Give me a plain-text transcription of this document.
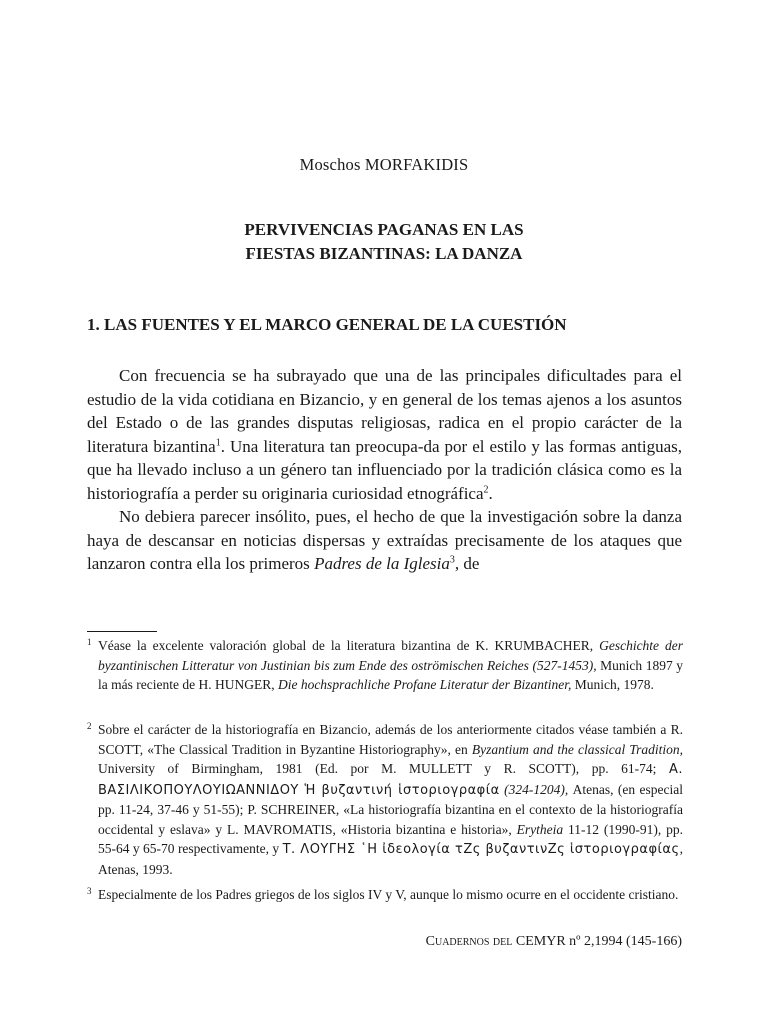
Moschos MORFAKIDIS
PERVIVENCIAS PAGANAS EN LAS
FIESTAS BIZANTINAS: LA DANZA
1. LAS FUENTES Y EL MARCO GENERAL DE LA CUESTIÓN

Con frecuencia se ha subrayado que una de las principales dificultades para el estudio de la vida cotidiana en Bizancio, y en general de los temas ajenos a los asuntos del Estado o de las grandes disputas religiosas, radica en el propio carácter de la literatura bizantina$^1$. Una literatura tan preocupa-da por el estilo y las formas antiguas, que ha llevado incluso a un género tan influenciado por la tradición clásica como es la historiografía a perder su originaria curiosidad etnográfica$^2$.

No debiera parecer insólito, pues, el hecho de que la investigación sobre la danza haya de descansar en noticias dispersas y extraídas precisamente de los ataques que lanzaron contra ella los primeros Padres de la Iglesia$^3$, de

1 Véase la excelente valoración global de la literatura bizantina de K. KRUMBACHER, Geschichte der byzantinischen Litteratur von Justinian bis zum Ende des oströmischen Reiches (527-1453), Munich 1897 y la más reciente de H. HUNGER, Die hochsprachliche Profane Literatur der Bizantiner, Munich, 1978.
2 Sobre el carácter de la historiografía en Bizancio, además de los anteriormente citados véase también a R. SCOTT, «The Classical Tradition in Byzantine Historiography», en Byzantium and the classical Tradition, University of Birmingham, 1981 (Ed. por M. MULLETT y R. SCOTT), pp. 61-74; Α. ΒΑΣΙΛΙΚΟΠΟΥΛΟΥΙΩΑΝΝΙΔΟΥ Ἡ βυζαντινή ἱστοριογραφία (324-1204), Atenas, (en especial pp. 11-24, 37-46 y 51-55); P. SCHREINER, «La historiografía bizantina en el contexto de la historiografía occidental y eslava» y L. MAVROMATIS, «Historia bizantina e historia», Erytheia 11-12 (1990-91), pp. 55-64 y 65-70 respectivamente, y Τ. ΛΟΥΓΗΣ ῾Η ἰδεολογία τΖς βυζαντινΖς ἱστοριογραφίας, Atenas, 1993.
3 Especialmente de los Padres griegos de los siglos IV y V, aunque lo mismo ocurre en el occidente cristiano.
Cuadernos del CEMYR nº 2,1994 (145-166)
